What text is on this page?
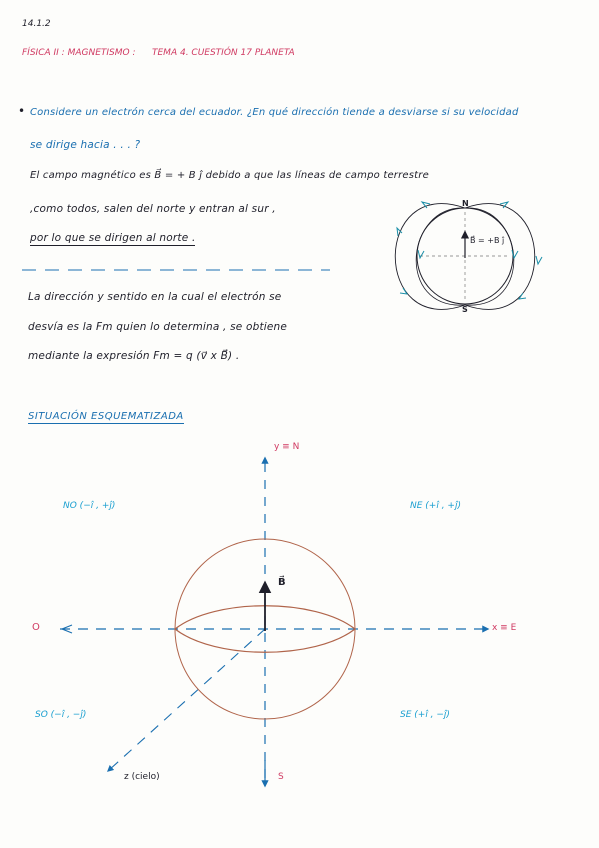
14.1.2
FÍSICA II : MAGNETISMO : TEMA 4. CUESTIÓN 17 PLANETA
• Considere un electrón cerca del ecuador. ¿En qué dirección tiende a desviarse si su velocidad
se dirige hacia . . . ?
El campo magnético es B⃗ = + B ȷ̂ debido a que las líneas de campo terrestre
,como todos, salen del norte y entran al sur ,
por lo que se dirigen al norte .
La dirección y sentido en la cual el electrón se
desvía es la Fm quien lo determina , se obtiene
mediante la expresión Fm = q (v⃗ x B⃗) .
SITUACIÓN ESQUEMATIZADA
N
S
B⃗ = +B ȷ̂
y ≡ N
x ≡ E
O
S
z (cielo)
B⃗
NO (−ı̂ , +ȷ̂)	NE (+ı̂ , +ȷ̂)
SO (−ı̂ , −ȷ̂)	SE (+ı̂ , −ȷ̂)
